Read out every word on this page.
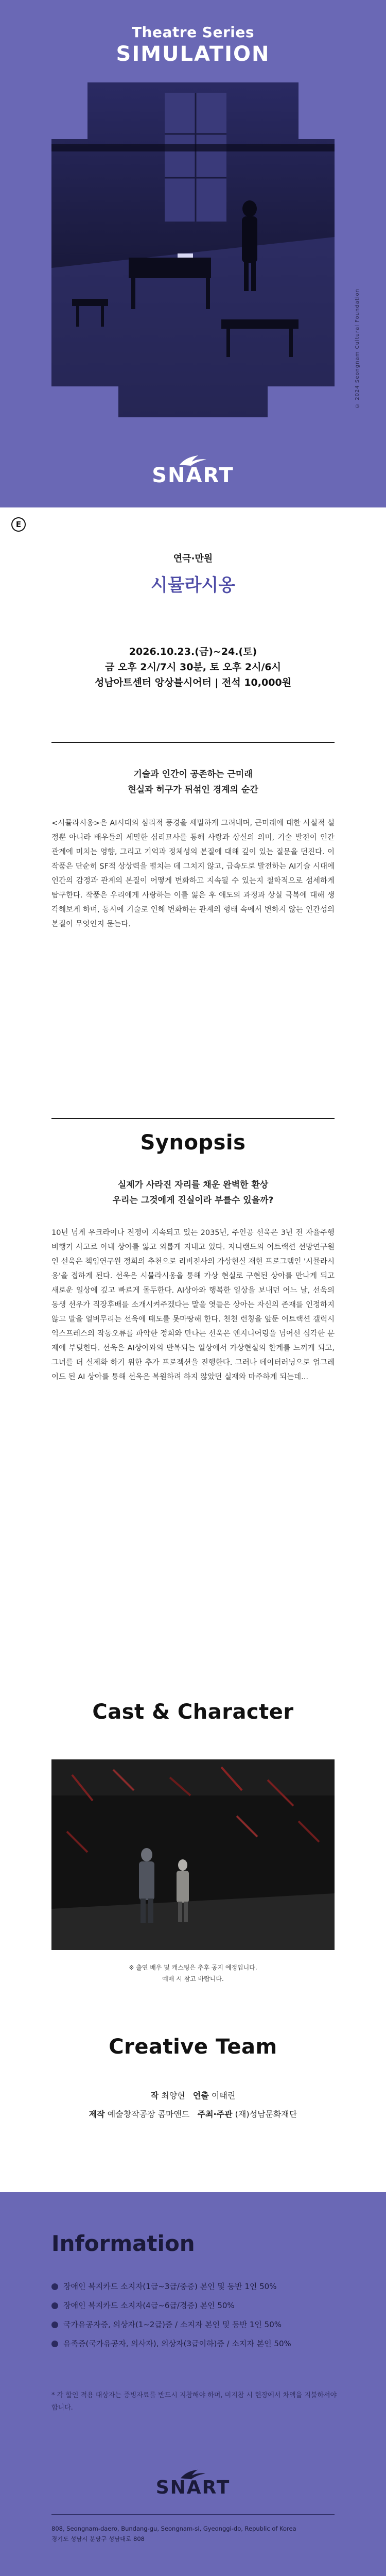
Theatre Series
SIMULATION
© 2024 Seongnam Cultural Foundation
SNART
E
연극·만원
시뮬라시옹
2026.10.23.(금)~24.(토)
금 오후 2시/7시 30분, 토 오후 2시/6시
성남아트센터 앙상블시어터 | 전석 10,000원
기술과 인간이 공존하는 근미래
현실과 허구가 뒤섞인 경계의 순간

<시뮬라시옹>은 AI시대의 심리적 풍경을 세밀하게 그려내며, 근미래에 대한 사실적 설정뿐 아니라 배우들의 세밀한 심리묘사를 통해 사랑과 상실의 의미, 기술 발전이 인간 관계에 미치는 영향, 그리고 기억과 정체성의 본질에 대해 깊이 있는 질문을 던진다. 이 작품은 단순히 SF적 상상력을 펼치는 데 그치지 않고, 급속도로 발전하는 AI기술 시대에 인간의 감정과 관계의 본질이 어떻게 변화하고 지속될 수 있는지 철학적으로 섬세하게 탐구한다. 작품은 우리에게 사랑하는 이를 잃은 후 애도의 과정과 상실 극복에 대해 생각해보게 하며, 동시에 기술로 인해 변화하는 관계의 형태 속에서 변하지 않는 인간성의 본질이 무엇인지 묻는다.

Synopsis
실제가 사라진 자리를 채운 완벽한 환상
우리는 그것에게 진실이라 부를수 있을까?

10년 넘게 우크라이나 전쟁이 지속되고 있는 2035년, 주인공 선욱은 3년 전 자율주행 비행기 사고로 아내 상아를 잃고 외롭게 지내고 있다. 지니랜드의 어트랙션 선망연구원인 선욱은 책임연구원 정희의 추천으로 리비전사의 가상현실 재현 프로그램인 '시뮬라시옹'을 접하게 된다. 선욱은 시뮬라시옹을 통해 가상 현실로 구현된 상아를 만나게 되고 새로운 일상에 깊고 빠르게 몰두한다. AI상아와 행복한 일상을 보내던 어느 날, 선욱의 동생 선우가 직장후배를 소개시켜주겠다는 말을 엿들은 상아는 자신의 존재를 인정하지 않고 말을 얼버무리는 선욱에 태도를 못마땅해 한다. 천천 런칭을 앞둔 어트랙션 갤럭시 익스프레스의 작동오류를 파악한 정희와 만나는 선욱은 엔지니어링을 넘어선 심각한 문제에 부딪힌다. 선욱은 AI상아와의 반복되는 일상에서 가상현실의 한계를 느끼게 되고, 그녀를 더 실제화 하기 위한 추가 프로젝션을 진행한다. 그러나 데이터러닝으로 업그레이드 된 AI 상아를 통해 선욱은 복원하려 하지 않았던 실재와 마주하게 되는데...

Cast & Character
※ 출연 배우 및 캐스팅은 추후 공지 예정입니다.
예매 시 참고 바랍니다.
Creative Team
작 최양현 연출 이태린
제작 예술창작공장 콤마앤드 주최·주관 (재)성남문화재단
Information
장애인 복지카드 소지자(1급~3급/중증) 본인 및 동반 1인 50%
장애인 복지카드 소지자(4급~6급/경증) 본인 50%
국가유공자증, 의상자(1~2급)증 / 소지자 본인 및 동반 1인 50%
유족증(국가유공자, 의사자), 의상자(3급이하)증 / 소지자 본인 50%
* 각 할인 적용 대상자는 증빙자료를 반드시 지참해야 하며, 미지참 시 현장에서 차액을 지불하셔야 합니다.
SNART
808, Seongnam-daero, Bundang-gu, Seongnam-si, Gyeonggi-do, Republic of Korea
경기도 성남시 분당구 성남대로 808
